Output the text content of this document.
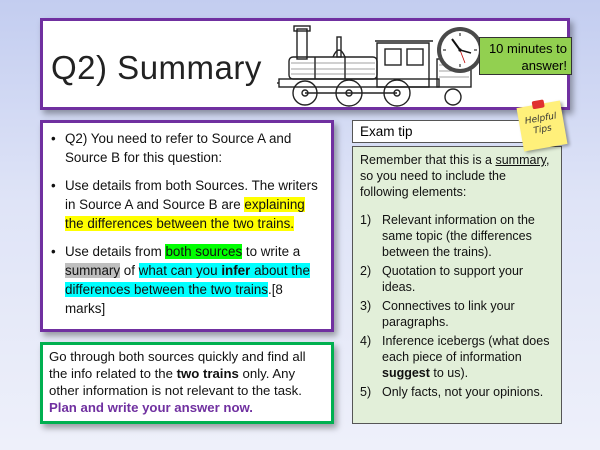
Q2) Summary
10 minutes to
answer!
• Q2) You need to refer to Source A and Source B for this question:
• Use details from both Sources. The writers in Source A and Source B are explaining the differences between the two trains.
• Use details from both sources to write a summary of what can you infer about the differences between the two trains.[8 marks]
Go through both sources quickly and find all the info related to the two trains only. Any other information is not relevant to the task.
Plan and write your answer now.
Exam tip
Remember that this is a summary, so you need to include the following elements:
1) Relevant information on the same topic (the differences between the trains).
2) Quotation to support your ideas.
3) Connectives to link your paragraphs.
4) Inference icebergs (what does each piece of information suggest to us).
5) Only facts, not your opinions.
Helpful
Tips
